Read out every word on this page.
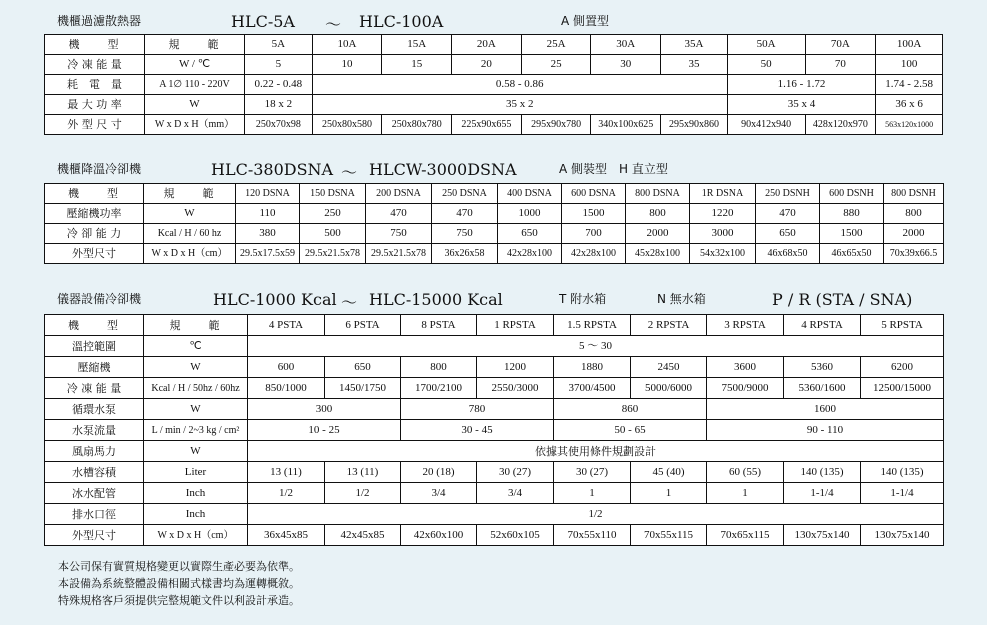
機櫃過濾散熱器	HLC-5A ～ HLC-100A	A 側置型
機　　型	規　　範	5A	10A	15A	20A	25A	30A	35A	50A	70A	100A
冷 凍 能 量	W / ℃	5	10	15	20	25	30	35	50	70	100
耗　電　量	A 1∅ 110 - 220V	0.22 - 0.48	0.58 - 0.86						1.16 - 1.72		1.74 - 2.58
最 大 功 率	W	18 x 2	35 x 2						35 x 4		36 x 6
外 型 尺 寸	W x D x H（mm）	250x70x98	250x80x580	250x80x780	225x90x655	295x90x780	340x100x625	295x90x860	90x412x940	428x120x970	563x120x1000
機櫃降溫冷卻機	HLC-380DSNA ～ HLCW-3000DSNA	A 側裝型　H 直立型
機　　型	規　　範	120 DSNA	150 DSNA	200 DSNA	250 DSNA	400 DSNA	600 DSNA	800 DSNA	1R DSNA	250 DSNH	600 DSNH	800 DSNH
壓縮機功率	W	110	250	470	470	1000	1500	800	1220	470	880	800
冷 卻 能 力	Kcal / H / 60 hz	380	500	750	750	650	700	2000	3000	650	1500	2000
外型尺寸	W x D x H（cm）	29.5x17.5x59	29.5x21.5x78	29.5x21.5x78	36x26x58	42x28x100	42x28x100	45x28x100	54x32x100	46x68x50	46x65x50	70x39x66.5
儀器設備冷卻機	HLC-1000 Kcal ～ HLC-15000 Kcal	T 附水箱	N 無水箱	P / R (STA / SNA)
機　　型	規　　範	4 PSTA	6 PSTA	8 PSTA	1 RPSTA	1.5 RPSTA	2 RPSTA	3 RPSTA	4 RPSTA	5 RPSTA
溫控範圍	℃	5 ～ 30								
壓縮機	W	600	650	800	1200	1880	2450	3600	5360	6200
冷 凍 能 量	Kcal / H / 50hz / 60hz	850/1000	1450/1750	1700/2100	2550/3000	3700/4500	5000/6000	7500/9000	5360/1600	12500/15000
循環水泵	W	300		780		860		1600		
水泵流量	L / min / 2~3 kg / cm²	10 - 25		30 - 45		50 - 65		90 - 110		
風扇馬力	W	依據其使用條件規劃設計								
水槽容積	Liter	13 (11)	13 (11)	20 (18)	30 (27)	30 (27)	45 (40)	60 (55)	140 (135)	140 (135)
冰水配管	Inch	1/2	1/2	3/4	3/4	1	1	1	1-1/4	1-1/4
排水口徑	Inch	1/2								
外型尺寸	W x D x H（cm）	36x45x85	42x45x85	42x60x100	52x60x105	70x55x110	70x55x115	70x65x115	130x75x140	130x75x140
本公司保有實質規格變更以實際生產必要為依準。
本設備為系統整體設備相關式樣書均為運轉概敘。
特殊規格客戶須提供完整規範文件以利設計承造。
